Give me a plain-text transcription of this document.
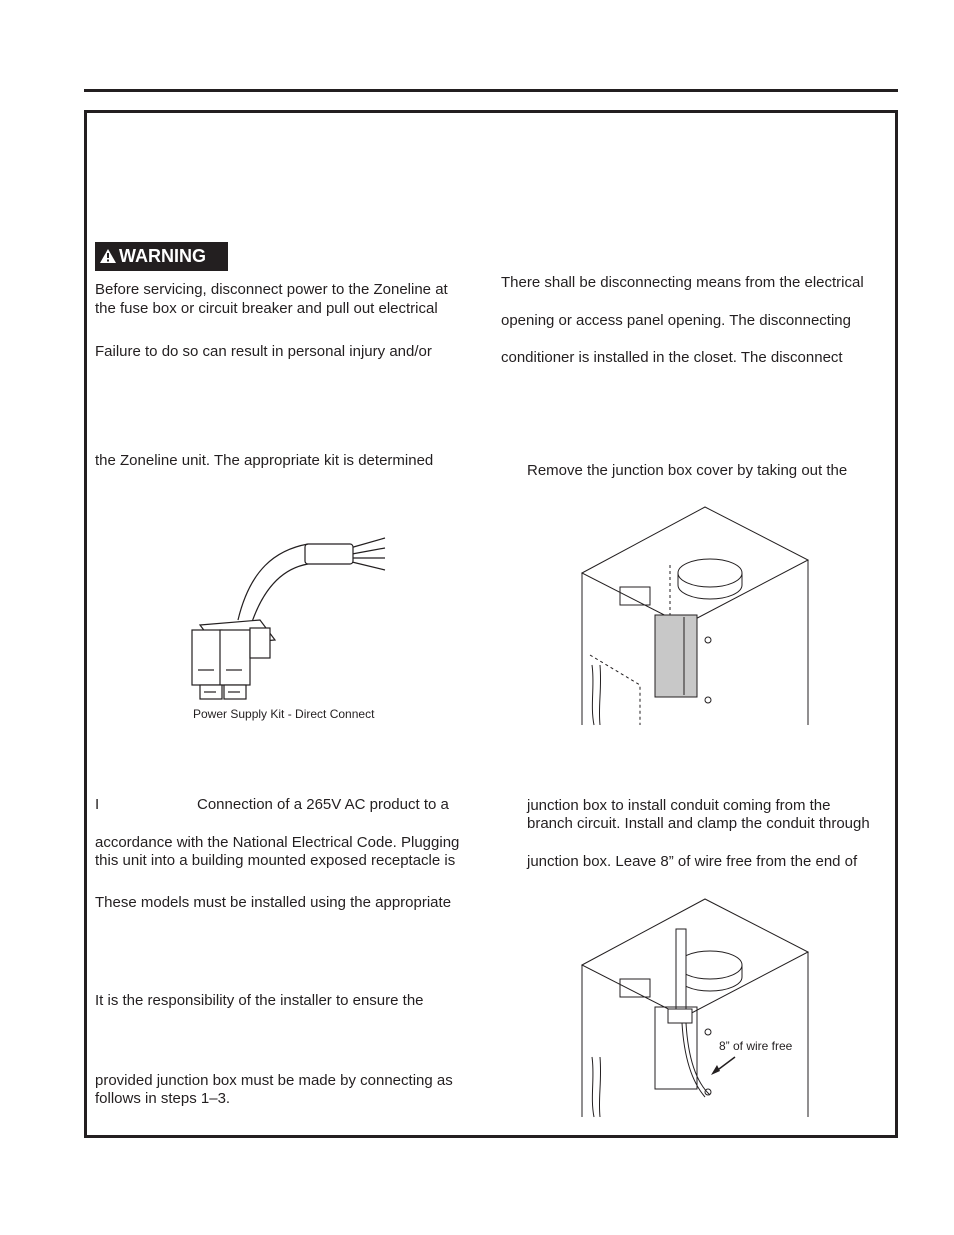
WARNING
Before servicing, disconnect power to the Zoneline at
the fuse box or circuit breaker and pull out electrical
Failure to do so can result in personal injury and/or
the Zoneline unit. The appropriate kit is determined
Power Supply Kit - Direct Connect
I	Connection of a 265V AC product to a
accordance with the National Electrical Code. Plugging
this unit into a building mounted exposed receptacle is
These models must be installed using the appropriate
It is the responsibility of the installer to ensure the
provided junction box must be made by connecting as
follows in steps 1–3.
There shall be disconnecting means from the electrical
opening or access panel opening. The disconnecting
conditioner is installed in the closet. The disconnect
Remove the junction box cover by taking out the
junction box to install conduit coming from the
branch circuit. Install and clamp the conduit through
junction box. Leave 8” of wire free from the end of
8” of wire free
